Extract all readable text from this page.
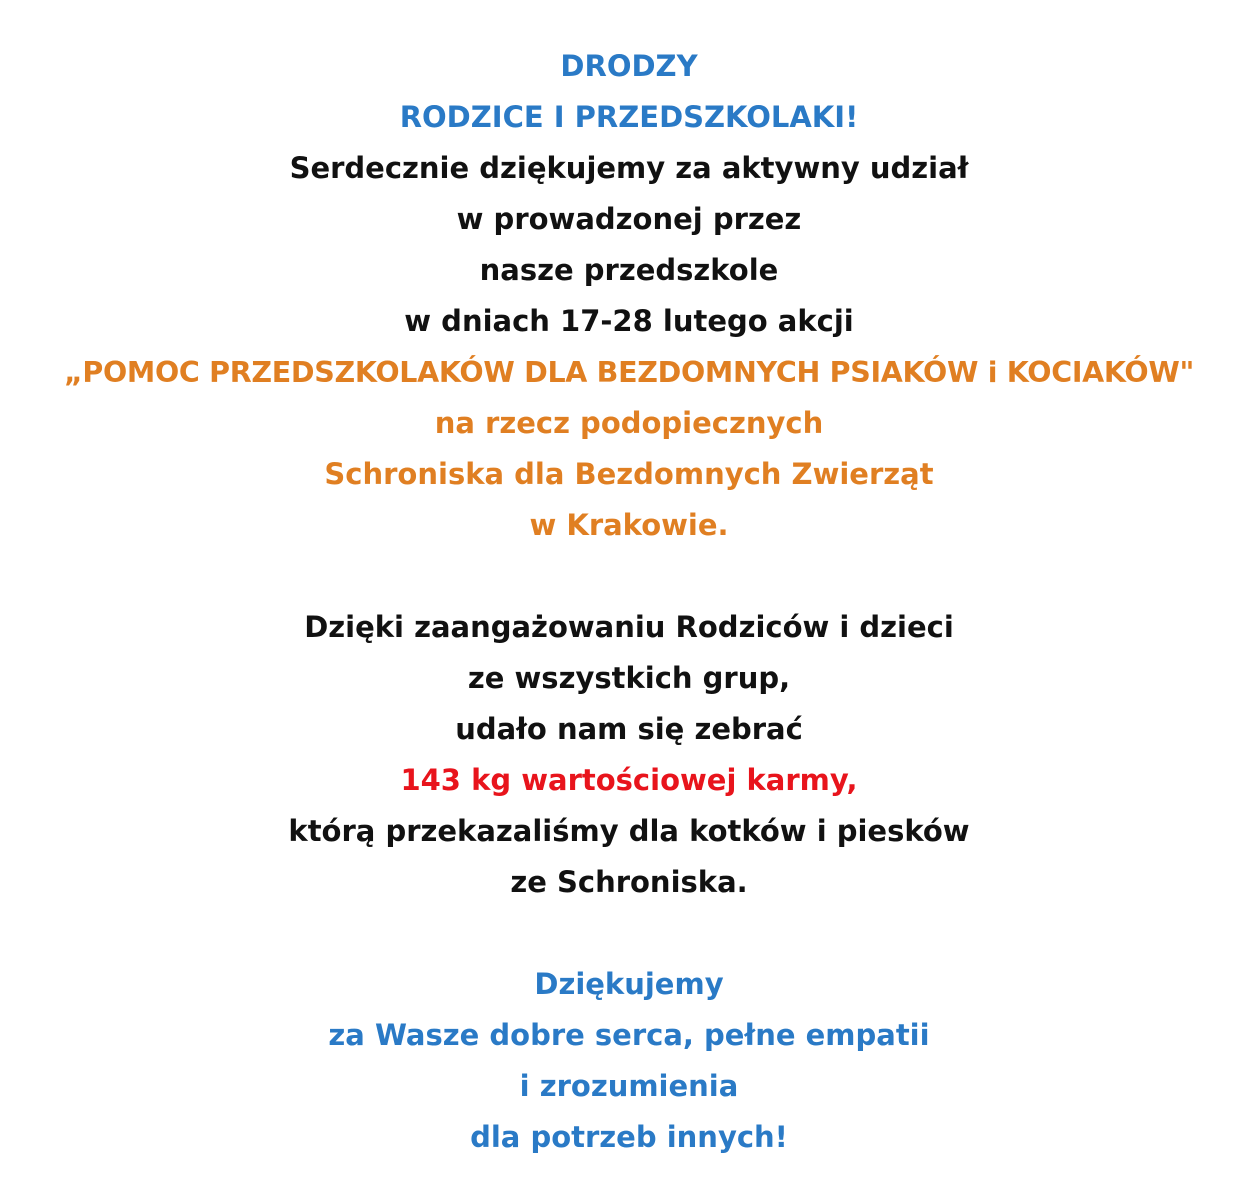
DRODZY
RODZICE I PRZEDSZKOLAKI!
Serdecznie dziękujemy za aktywny udział
w prowadzonej przez
nasze przedszkole
w dniach 17-28 lutego akcji
„POMOC PRZEDSZKOLAKÓW DLA BEZDOMNYCH PSIAKÓW i KOCIAKÓW"
na rzecz podopiecznych
Schroniska dla Bezdomnych Zwierząt
w Krakowie.
Dzięki zaangażowaniu Rodziców i dzieci
ze wszystkich grup,
udało nam się zebrać
143 kg wartościowej karmy,
którą przekazaliśmy dla kotków i piesków
ze Schroniska.
Dziękujemy
za Wasze dobre serca, pełne empatii
i zrozumienia
dla potrzeb innych!
